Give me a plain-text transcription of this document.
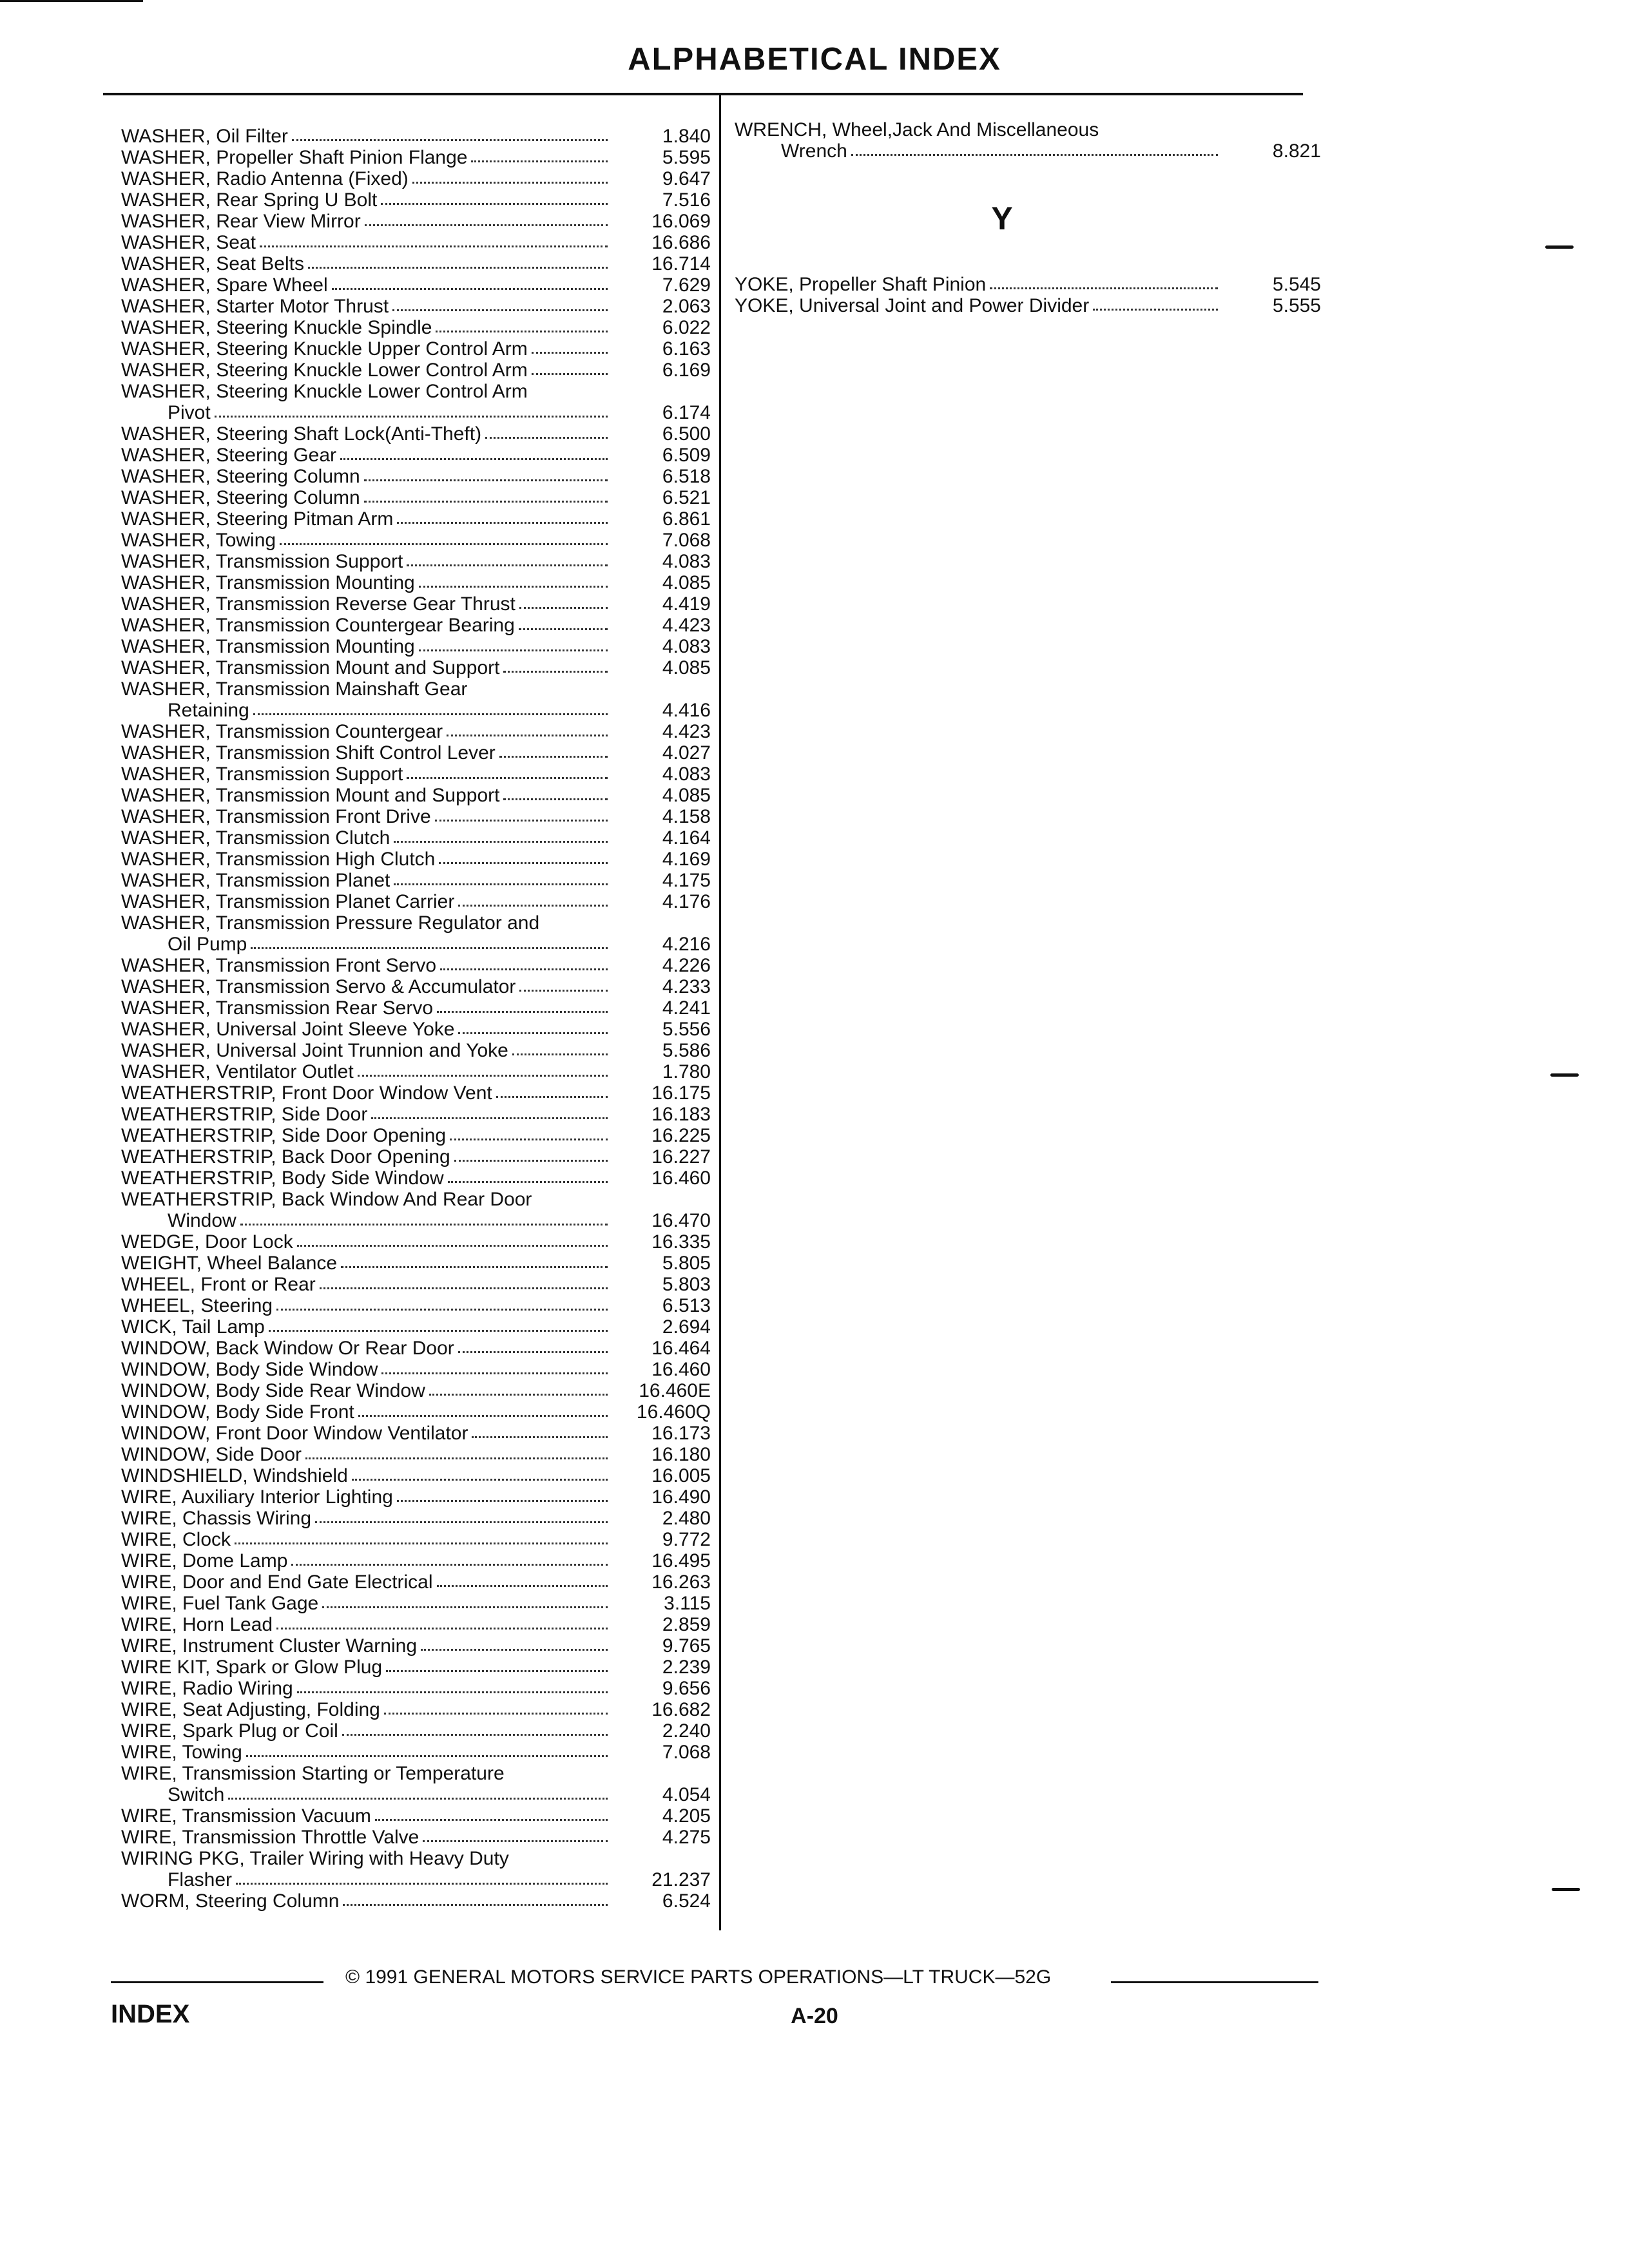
ALPHABETICAL INDEX
WASHER, Oil Filter	1.840
WASHER, Propeller Shaft Pinion Flange	5.595
WASHER, Radio Antenna (Fixed)	9.647
WASHER, Rear Spring U Bolt	7.516
WASHER, Rear View Mirror	16.069
WASHER, Seat	16.686
WASHER, Seat Belts	16.714
WASHER, Spare Wheel	7.629
WASHER, Starter Motor Thrust	2.063
WASHER, Steering Knuckle Spindle	6.022
WASHER, Steering Knuckle Upper Control Arm	6.163
WASHER, Steering Knuckle Lower Control Arm	6.169
WASHER, Steering Knuckle Lower Control Arm
Pivot	6.174
WASHER, Steering Shaft Lock(Anti-Theft)	6.500
WASHER, Steering Gear	6.509
WASHER, Steering Column	6.518
WASHER, Steering Column	6.521
WASHER, Steering Pitman Arm	6.861
WASHER, Towing	7.068
WASHER, Transmission Support	4.083
WASHER, Transmission Mounting	4.085
WASHER, Transmission Reverse Gear Thrust	4.419
WASHER, Transmission Countergear Bearing	4.423
WASHER, Transmission Mounting	4.083
WASHER, Transmission Mount and Support	4.085
WASHER, Transmission Mainshaft Gear
Retaining	4.416
WASHER, Transmission Countergear	4.423
WASHER, Transmission Shift Control Lever	4.027
WASHER, Transmission Support	4.083
WASHER, Transmission Mount and Support	4.085
WASHER, Transmission Front Drive	4.158
WASHER, Transmission Clutch	4.164
WASHER, Transmission High Clutch	4.169
WASHER, Transmission Planet	4.175
WASHER, Transmission Planet Carrier	4.176
WASHER, Transmission Pressure Regulator and
Oil Pump	4.216
WASHER, Transmission Front Servo	4.226
WASHER, Transmission Servo & Accumulator	4.233
WASHER, Transmission Rear Servo	4.241
WASHER, Universal Joint Sleeve Yoke	5.556
WASHER, Universal Joint Trunnion and Yoke	5.586
WASHER, Ventilator Outlet	1.780
WEATHERSTRIP, Front Door Window Vent	16.175
WEATHERSTRIP, Side Door	16.183
WEATHERSTRIP, Side Door Opening	16.225
WEATHERSTRIP, Back Door Opening	16.227
WEATHERSTRIP, Body Side Window	16.460
WEATHERSTRIP, Back Window And Rear Door
Window	16.470
WEDGE, Door Lock	16.335
WEIGHT, Wheel Balance	5.805
WHEEL, Front or Rear	5.803
WHEEL, Steering	6.513
WICK, Tail Lamp	2.694
WINDOW, Back Window Or Rear Door	16.464
WINDOW, Body Side Window	16.460
WINDOW, Body Side Rear Window	16.460E
WINDOW, Body Side Front	16.460Q
WINDOW, Front Door Window Ventilator	16.173
WINDOW, Side Door	16.180
WINDSHIELD, Windshield	16.005
WIRE, Auxiliary Interior Lighting	16.490
WIRE, Chassis Wiring	2.480
WIRE, Clock	9.772
WIRE, Dome Lamp	16.495
WIRE, Door and End Gate Electrical	16.263
WIRE, Fuel Tank Gage	3.115
WIRE, Horn Lead	2.859
WIRE, Instrument Cluster Warning	9.765
WIRE KIT, Spark or Glow Plug	2.239
WIRE, Radio Wiring	9.656
WIRE, Seat Adjusting, Folding	16.682
WIRE, Spark Plug or Coil	2.240
WIRE, Towing	7.068
WIRE, Transmission Starting or Temperature
Switch	4.054
WIRE, Transmission Vacuum	4.205
WIRE, Transmission Throttle Valve	4.275
WIRING PKG, Trailer Wiring with Heavy Duty
Flasher	21.237
WORM, Steering Column	6.524
WRENCH, Wheel,Jack And Miscellaneous
Wrench	8.821
Y
YOKE, Propeller Shaft Pinion	5.545
YOKE, Universal Joint and Power Divider	5.555
© 1991 GENERAL MOTORS SERVICE PARTS OPERATIONS—LT TRUCK—52G
INDEX	A-20
